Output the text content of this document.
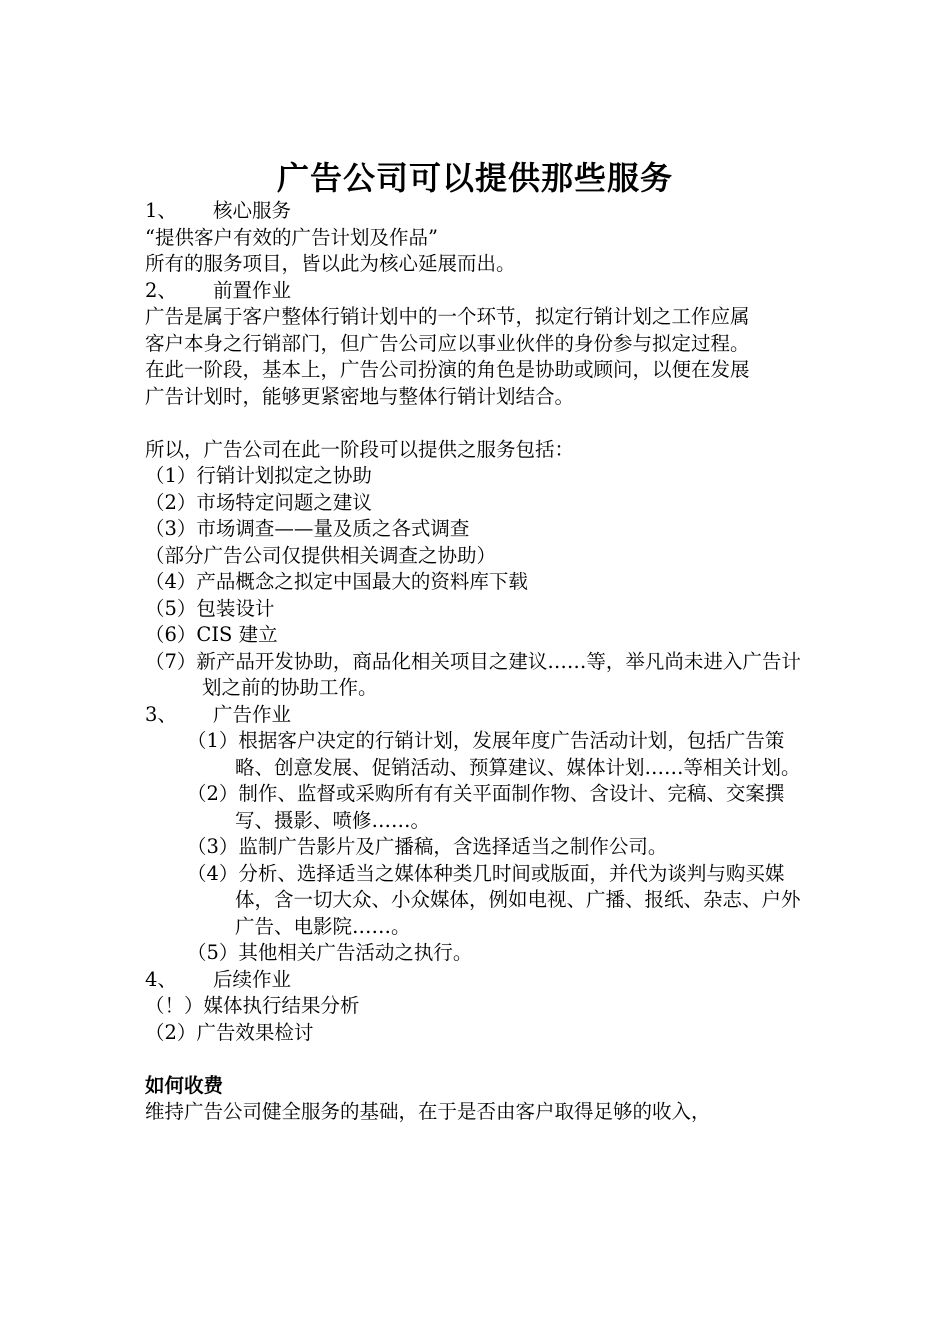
广告公司可以提供那些服务
1、 核心服务
“提供客户有效的广告计划及作品”
所有的服务项目，皆以此为核心延展而出。
2、 前置作业
广告是属于客户整体行销计划中的一个环节，拟定行销计划之工作应属
客户本身之行销部门，但广告公司应以事业伙伴的身份参与拟定过程。
在此一阶段，基本上，广告公司扮演的角色是协助或顾问，以便在发展
广告计划时，能够更紧密地与整体行销计划结合。
所以，广告公司在此一阶段可以提供之服务包括：
（1）行销计划拟定之协助
（2）市场特定问题之建议
（3）市场调查——量及质之各式调查
（部分广告公司仅提供相关调查之协助）
（4）产品概念之拟定中国最大的资料库下载
（5）包装设计
（6）CIS 建立
（7）新产品开发协助，商品化相关项目之建议……等，举凡尚未进入广告计划之前的协助工作。
3、 广告作业
（1）根据客户决定的行销计划，发展年度广告活动计划，包括广告策略、创意发展、促销活动、预算建议、媒体计划……等相关计划。
（2）制作、监督或采购所有有关平面制作物、含设计、完稿、交案撰写、摄影、喷修……。
（3）监制广告影片及广播稿，含选择适当之制作公司。
（4）分析、选择适当之媒体种类几时间或版面，并代为谈判与购买媒体，含一切大众、小众媒体，例如电视、广播、报纸、杂志、户外广告、电影院……。
（5）其他相关广告活动之执行。
4、 后续作业
（！）媒体执行结果分析
（2）广告效果检讨
如何收费
维持广告公司健全服务的基础，在于是否由客户取得足够的收入，
